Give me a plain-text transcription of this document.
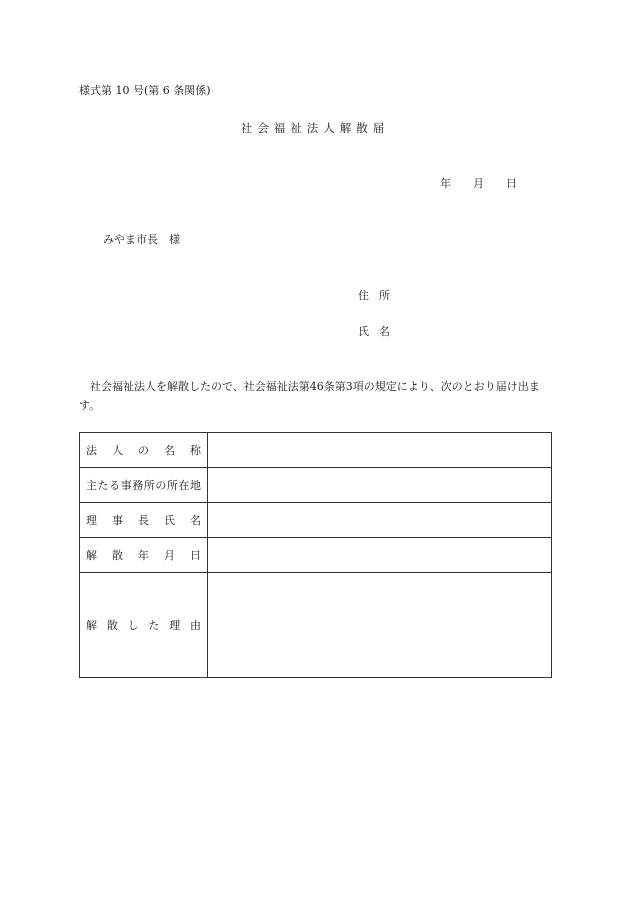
様式第 10 号(第 6 条関係)
社会福祉法人解散届
年 月 日
みやま市長　様
住所
氏名
社会福祉法人を解散したので、社会福祉法第46条第3項の規定により、次のとおり届け出ます。
法人の名称	

主たる事務所の所在地	

理事長氏名	

解散年月日	

解散した理由	
